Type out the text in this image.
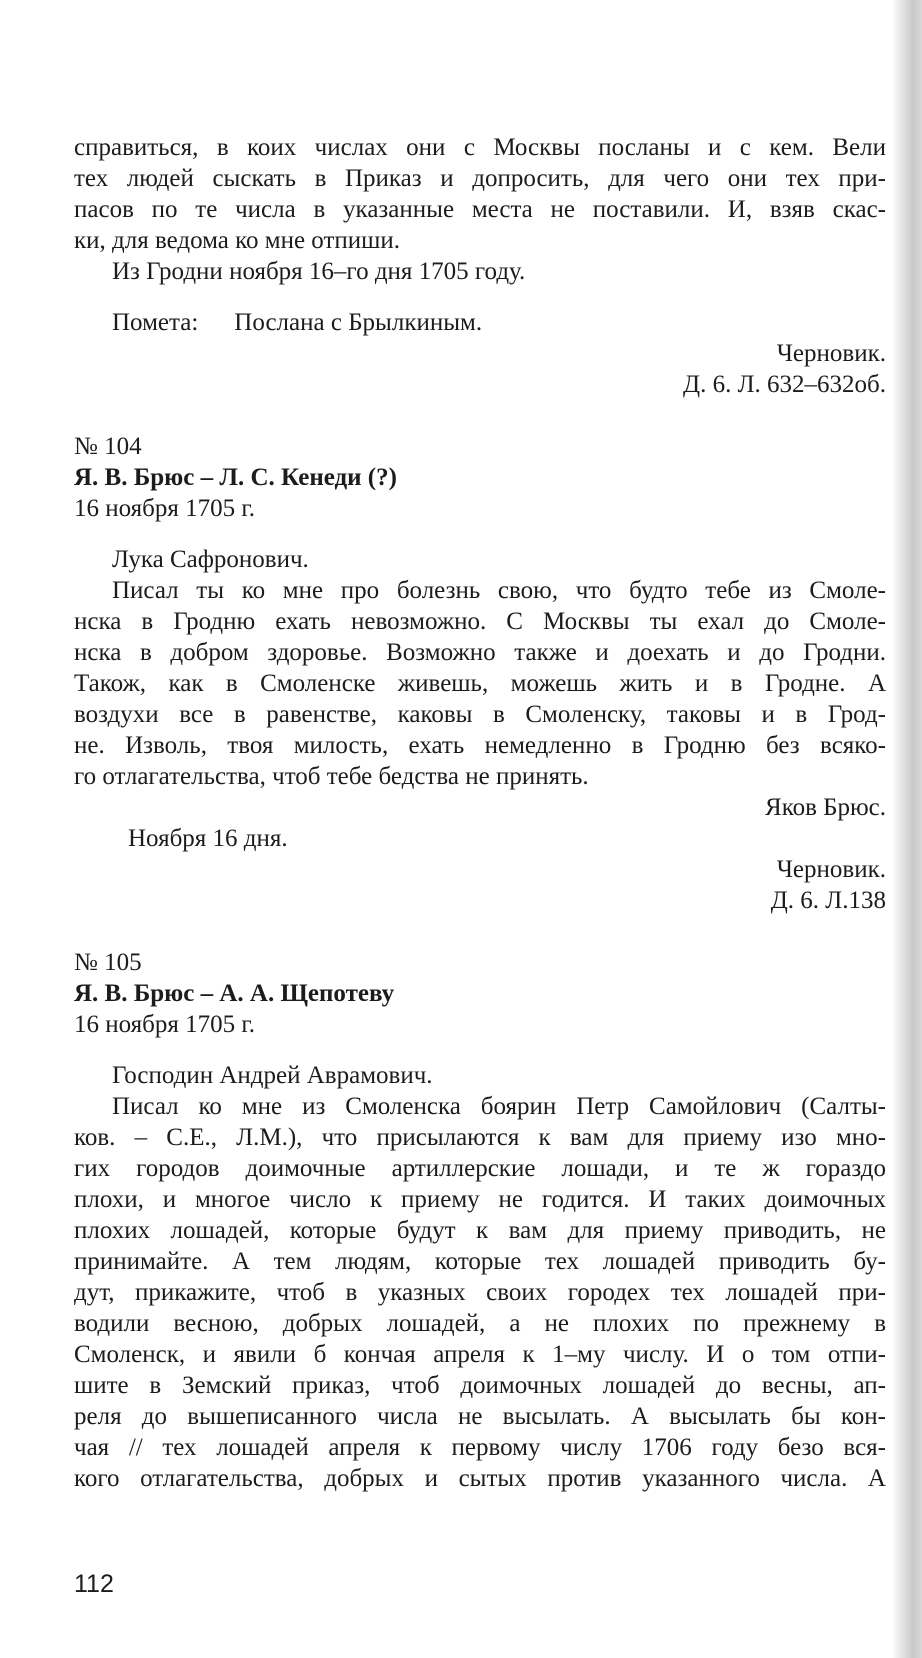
справиться, в коих числах они с Москвы посланы и с кем. Вели
тех людей сыскать в Приказ и допросить, для чего они тех при-
пасов по те числа в указанные места не поставили. И, взяв скас-
ки, для ведома ко мне отпиши.
Из Гродни ноября 16–го дня 1705 году.
Помета: Послана с Брылкиным.
Черновик.
Д. 6. Л. 632–632об.
№ 104
Я. В. Брюс – Л. С. Кенеди (?)
16 ноября 1705 г.
Лука Сафронович.
Писал ты ко мне про болезнь свою, что будто тебе из Смоле-
нска в Гродню ехать невозможно. С Москвы ты ехал до Смоле-
нска в добром здоровье. Возможно также и доехать и до Гродни.
Також, как в Смоленске живешь, можешь жить и в Гродне. А
воздухи все в равенстве, каковы в Смоленску, таковы и в Грод-
не. Изволь, твоя милость, ехать немедленно в Гродню без всяко-
го отлагательства, чтоб тебе бедства не принять.
Яков Брюс.
Ноября 16 дня.
Черновик.
Д. 6. Л.138
№ 105
Я. В. Брюс – А. А. Щепотеву
16 ноября 1705 г.
Господин Андрей Аврамович.
Писал ко мне из Смоленска боярин Петр Самойлович (Салты-
ков. – С.Е., Л.М.), что присылаются к вам для приему изо мно-
гих городов доимочные артиллерские лошади, и те ж гораздо
плохи, и многое число к приему не годится. И таких доимочных
плохих лошадей, которые будут к вам для приему приводить, не
принимайте. А тем людям, которые тех лошадей приводить бу-
дут, прикажите, чтоб в указных своих городех тех лошадей при-
водили весною, добрых лошадей, а не плохих по прежнему в
Смоленск, и явили б кончая апреля к 1–му числу. И о том отпи-
шите в Земский приказ, чтоб доимочных лошадей до весны, ап-
реля до вышеписанного числа не высылать. А высылать бы кон-
чая // тех лошадей апреля к первому числу 1706 году безо вся-
кого отлагательства, добрых и сытых против указанного числа. А
112
